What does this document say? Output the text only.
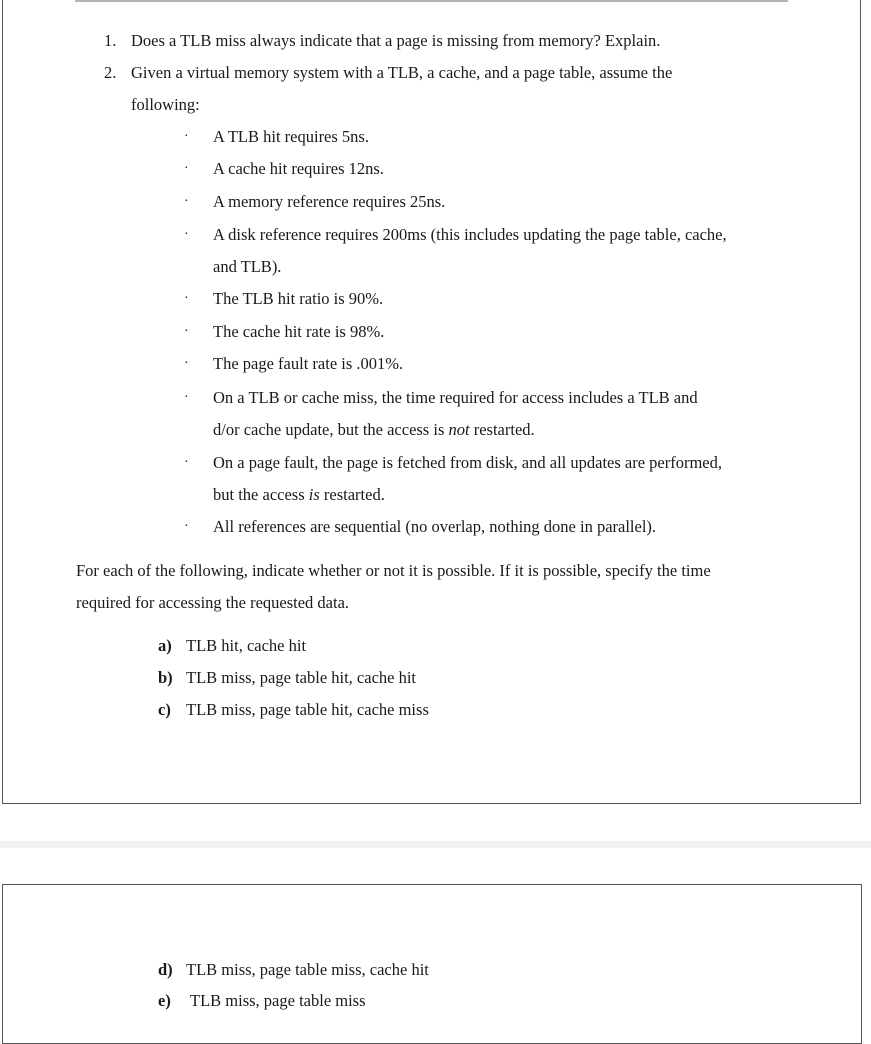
1. Does a TLB miss always indicate that a page is missing from memory? Explain.
2. Given a virtual memory system with a TLB, a cache, and a page table, assume the
following:
· A TLB hit requires 5ns.
· A cache hit requires 12ns.
· A memory reference requires 25ns.
· A disk reference requires 200ms (this includes updating the page table, cache,
and TLB).
· The TLB hit ratio is 90%.
· The cache hit rate is 98%.
· The page fault rate is .001%.
· On a TLB or cache miss, the time required for access includes a TLB and
d/or cache update, but the access is not restarted.
· On a page fault, the page is fetched from disk, and all updates are performed,
but the access is restarted.
· All references are sequential (no overlap, nothing done in parallel).
For each of the following, indicate whether or not it is possible. If it is possible, specify the time
required for accessing the requested data.
a) TLB hit, cache hit
b) TLB miss, page table hit, cache hit
c) TLB miss, page table hit, cache miss
d) TLB miss, page table miss, cache hit
e) TLB miss, page table miss
